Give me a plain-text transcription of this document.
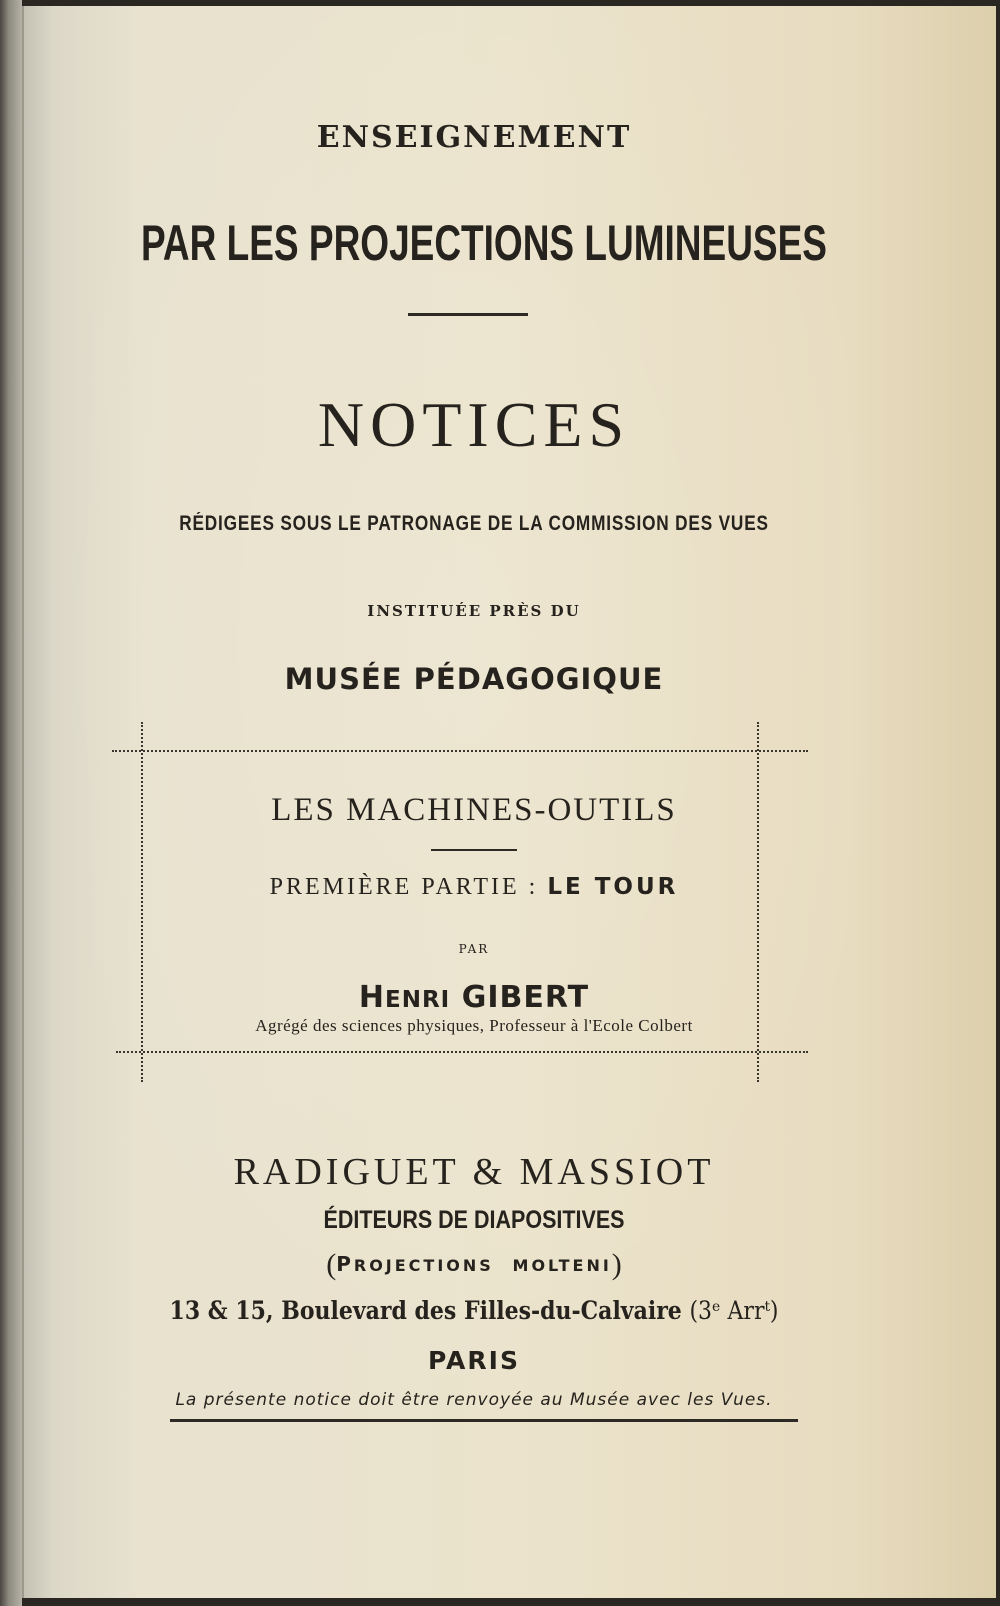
ENSEIGNEMENT
PAR LES PROJECTIONS LUMINEUSES
NOTICES
RÉDIGEES SOUS LE PATRONAGE DE LA COMMISSION DES VUES
INSTITUÉE PRÈS DU
MUSÉE PÉDAGOGIQUE
LES MACHINES-OUTILS
PREMIÈRE PARTIE : LE TOUR
PAR
HENRI GIBERT
Agrégé des sciences physiques, Professeur à l'Ecole Colbert
RADIGUET & MASSIOT
ÉDITEURS DE DIAPOSITIVES
(PROJECTIONS MOLTENI)
13 & 15, Boulevard des Filles-du-Calvaire (3ᵉ Arrᵗ)
PARIS
La présente notice doit être renvoyée au Musée avec les Vues.
